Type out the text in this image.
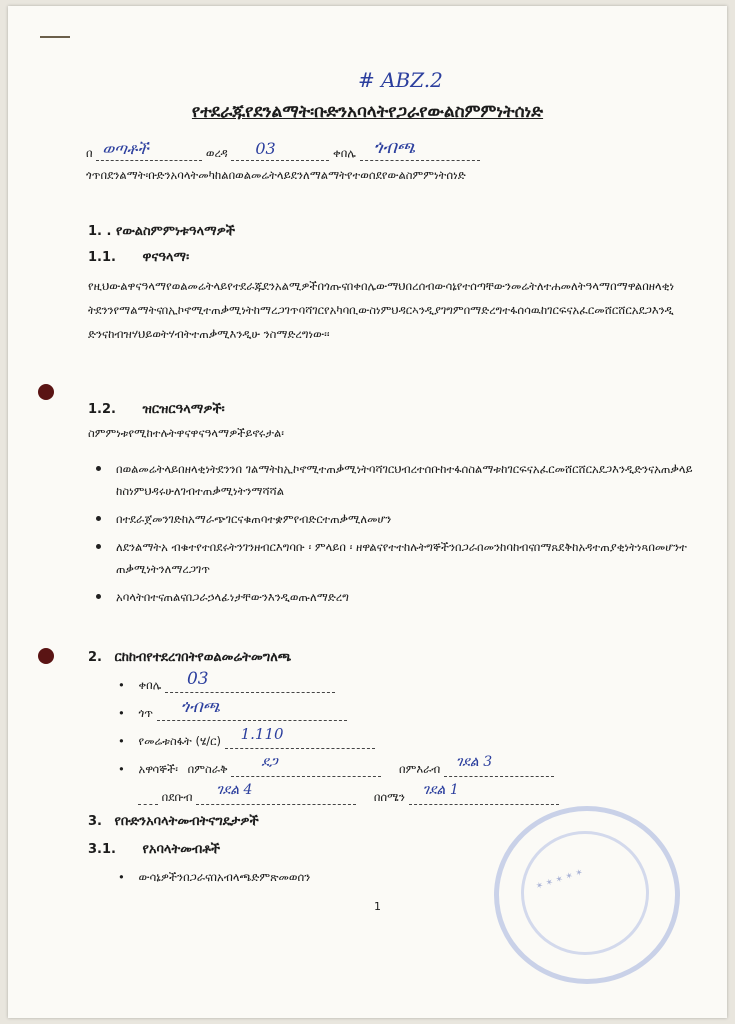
# ABZ.2
የተደራጁየደንልማት፡ቡድንአባላትየጋራየውልስምምነትሰነድ
በ ወጣቶች	ወረዳ 03	ቀበሌ ጎብጫ
ጎጥበደንልማት፡ቡድንአባላትመካከልበወልመሬትላይደንለማልማትየተወሰደየውልስምምነትሰነድ
1. . የውልስምምነቱዓላማዎች
1.1. ዋናዓላማ፡
የዚህውልዋናዓላማየወልመሬትላይየተደራጁደንአልሚዎችበጎጡናበቀበሌውማህበረሰብውሳኔየተሰጣቸውንመሬትለተሐመለትዓላማበማዋልበዘላቂነትደንንየማልማትናበኢኮኖሚተጠቃሚነትከማረጋገጥባሻገርየአካባቢውስነምህዳርኣንዲያገግምበማድረግተፋሰሳዉከገርፍናአፈርመሸርሸርአደጋእንዲድንናከብዝሃህይወትሃብትተጠቃሚእንዲሁ ንስማድረግነው፡፡
1.2. ዝርዝርዓላማዎች፡
ስምምነቱየሚከተሉትዋናዋናዓላማዎችይኖሩታል፡
በወልመሬትላይበዘላቂነትደንንበ ገልማትከኢኮኖሚተጠቃሚነትባሻገርህብረተሰቡከተፋሰስልማቱከገርፍናአፈርመሸርሸርአደጋእንዲድንናአጠቃላይከስነምህዳሩሁለገብተጠቃሚነትንማሻሻል
በተደራጀመንገድከአማራጭገርናቁጠባተቋምየብድርተጠቃሚለመሆን
ለደንልማትአ ብቁተየተበደሩትንገንዘብርእግባቡ ፡ ምላይበ ፡ ዘዋልናየተተከሉትግኞችንበጋራበመንከባከብናበማጸደቅከአዳተጠያቂነትነጻበመሆንተጠቃሚነትንለማረጋገጥ
አባላትበተናጠልናበጋራኃላፊነታቸውንእንዲወጡለማድረግ
2. ርከከብየተደረገበትየወልመሬትመግለጫ
• ቀበሌ 03
• ጎጥ ጎብጫ
• የመሬቱስፋት (ሄ/ር) 1.110
• አዋሳኞች፡ በምስራቅ ደጋ	በምእራብ ገደል 3
በደቡብ ገደል 4	በሰሜን ገደል 1
3. የቡድንአባላትመብትናግዴታዎች
3.1. የአባላትመብቶች
• ውሳኔዎችንበጋራናበአብላጫድምጽመወሰን
1
✶ ✶ ✶ ✶ ✶
